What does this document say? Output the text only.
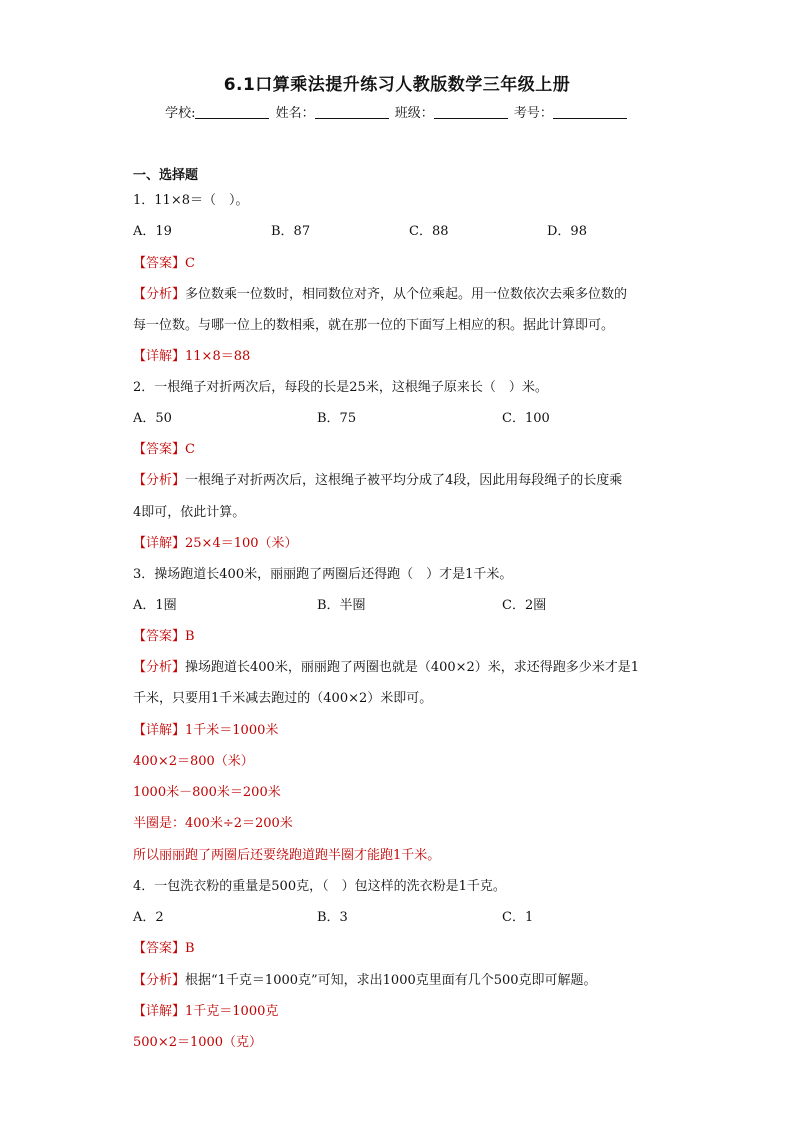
6.1口算乘法提升练习人教版数学三年级上册
学校:	姓名：	班级：	考号：
一、选择题
1．11×8＝（　）。
A．19	B．87	C．88	D．98
【答案】C
【分析】多位数乘一位数时，相同数位对齐，从个位乘起。用一位数依次去乘多位数的
每一位数。与哪一位上的数相乘，就在那一位的下面写上相应的积。据此计算即可。
【详解】11×8＝88
2．一根绳子对折两次后，每段的长是25米，这根绳子原来长（　）米。
A．50	B．75	C．100
【答案】C
【分析】一根绳子对折两次后，这根绳子被平均分成了4段，因此用每段绳子的长度乘
4即可，依此计算。
【详解】25×4＝100（米）
3．操场跑道长400米，丽丽跑了两圈后还得跑（　）才是1千米。
A．1圈	B．半圈	C．2圈
【答案】B
【分析】操场跑道长400米，丽丽跑了两圈也就是（400×2）米，求还得跑多少米才是1
千米，只要用1千米减去跑过的（400×2）米即可。
【详解】1千米＝1000米
400×2＝800（米）
1000米－800米＝200米
半圈是：400米÷2＝200米
所以丽丽跑了两圈后还要绕跑道跑半圈才能跑1千米。
4．一包洗衣粉的重量是500克，（　）包这样的洗衣粉是1千克。
A．2	B．3	C．1
【答案】B
【分析】根据“1千克＝1000克”可知，求出1000克里面有几个500克即可解题。
【详解】1千克＝1000克
500×2＝1000（克）
